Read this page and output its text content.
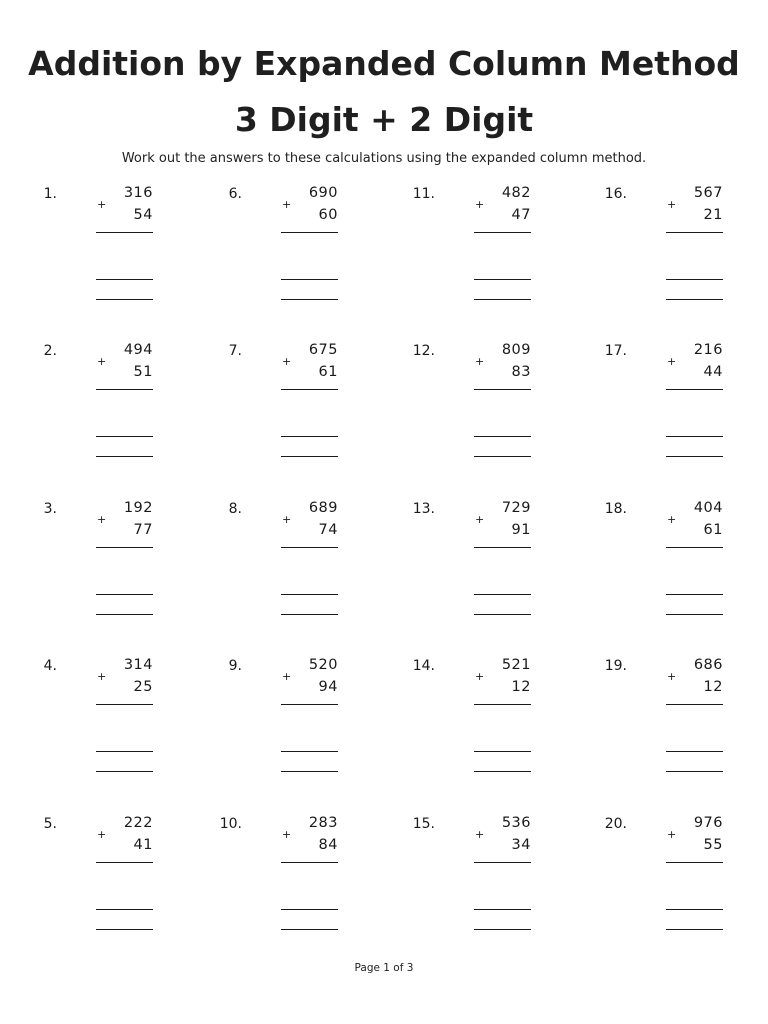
Addition by Expanded Column Method
3 Digit + 2 Digit
Work out the answers to these calculations using the expanded column method.
1.
+
316
54
2.
+
494
51
3.
+
192
77
4.
+
314
25
5.
+
222
41
6.
+
690
60
7.
+
675
61
8.
+
689
74
9.
+
520
94
10.
+
283
84
11.
+
482
47
12.
+
809
83
13.
+
729
91
14.
+
521
12
15.
+
536
34
16.
+
567
21
17.
+
216
44
18.
+
404
61
19.
+
686
12
20.
+
976
55
Page 1 of 3
